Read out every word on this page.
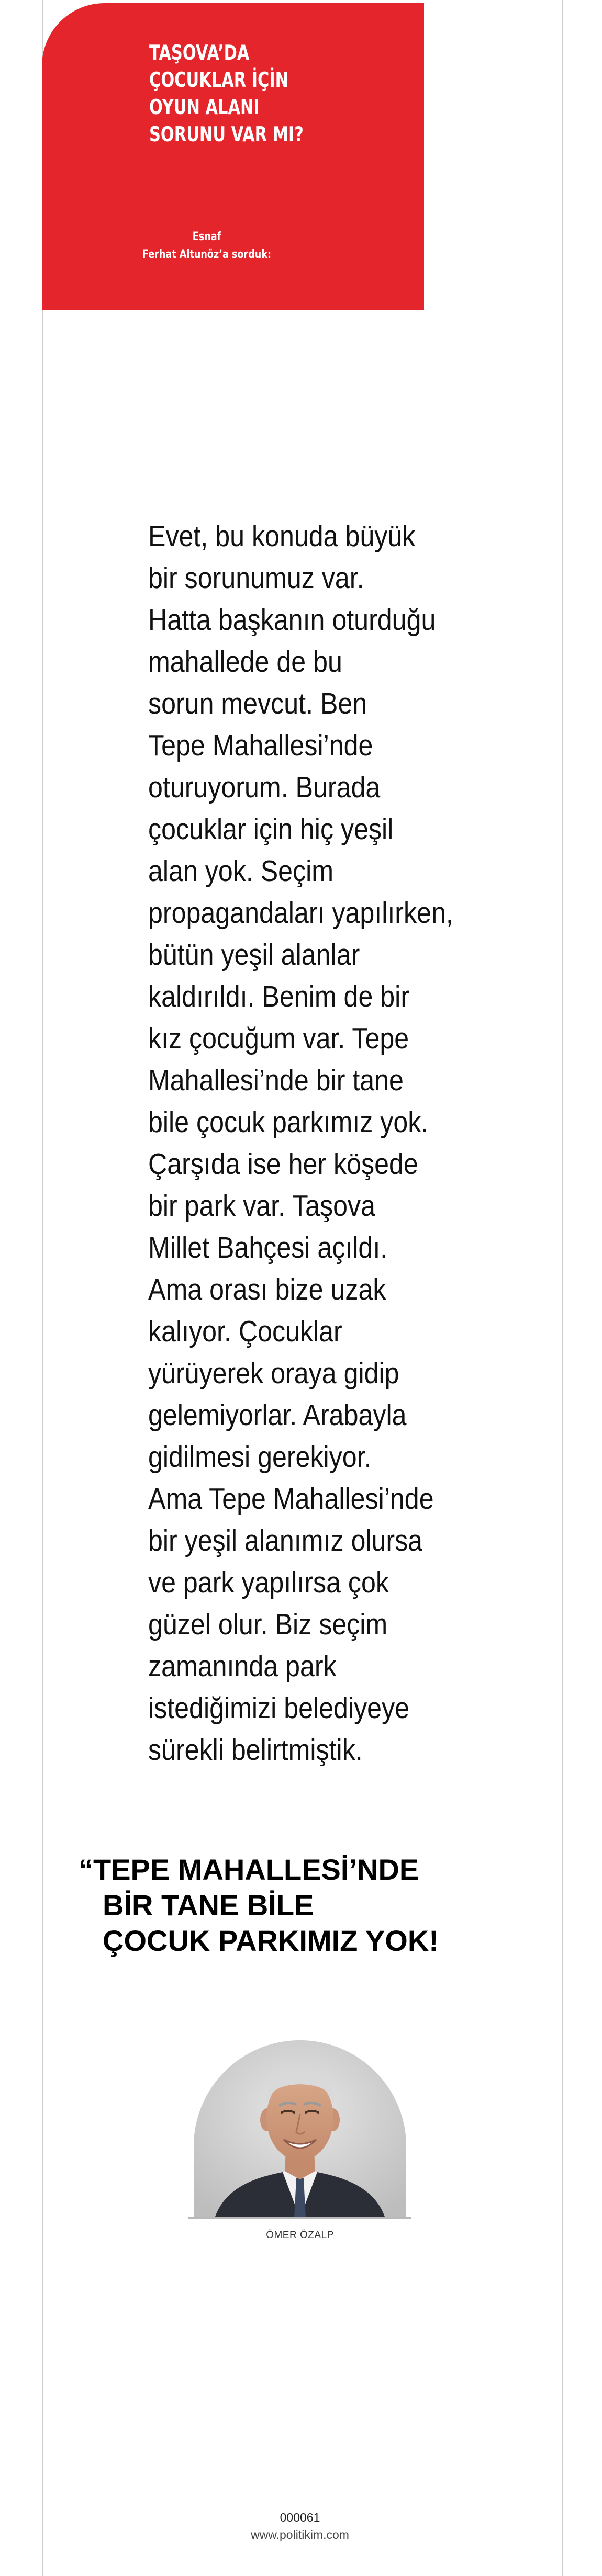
TAŞOVA’DA
ÇOCUKLAR İÇİN
OYUN ALANI
SORUNU VAR MI?
Esnaf
Ferhat Altunöz’a sorduk:

Evet, bu konuda büyük
bir sorunumuz var.
Hatta başkanın oturduğu
mahallede de bu
sorun mevcut. Ben
Tepe Mahallesi’nde
oturuyorum. Burada
çocuklar için hiç yeşil
alan yok. Seçim
propagandaları yapılırken,
bütün yeşil alanlar
kaldırıldı. Benim de bir
kız çocuğum var. Tepe
Mahallesi’nde bir tane
bile çocuk parkımız yok.
Çarşıda ise her köşede
bir park var. Taşova
Millet Bahçesi açıldı.
Ama orası bize uzak
kalıyor. Çocuklar
yürüyerek oraya gidip
gelemiyorlar. Arabayla
gidilmesi gerekiyor.
Ama Tepe Mahallesi’nde
bir yeşil alanımız olursa
ve park yapılırsa çok
güzel olur. Biz seçim
zamanında park
istediğimizi belediyeye
sürekli belirtmiştik.

“TEPE MAHALLESİ’NDE
BİR TANE BİLE
ÇOCUK PARKIMIZ YOK!

ÖMER ÖZALP
000061
www.politikim.com
